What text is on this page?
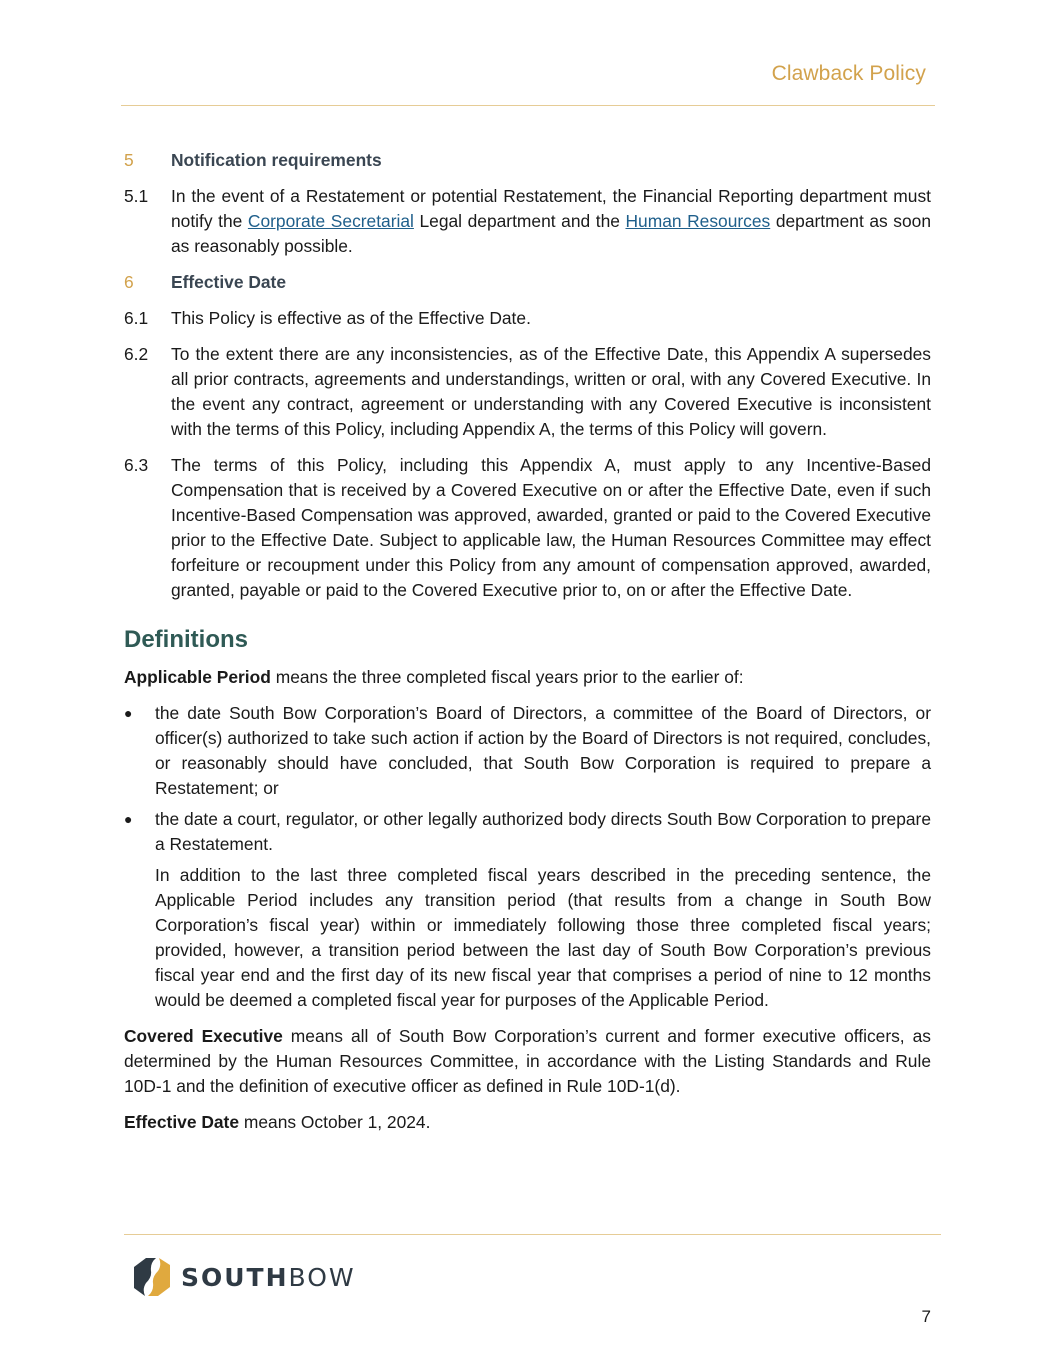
Clawback Policy
5	Notification requirements
5.1	In the event of a Restatement or potential Restatement, the Financial Reporting department must notify the Corporate Secretarial Legal department and the Human Resources department as soon as reasonably possible.
6	Effective Date
6.1	This Policy is effective as of the Effective Date.
6.2	To the extent there are any inconsistencies, as of the Effective Date, this Appendix A supersedes all prior contracts, agreements and understandings, written or oral, with any Covered Executive. In the event any contract, agreement or understanding with any Covered Executive is inconsistent with the terms of this Policy, including Appendix A, the terms of this Policy will govern.
6.3	The terms of this Policy, including this Appendix A, must apply to any Incentive-Based Compensation that is received by a Covered Executive on or after the Effective Date, even if such Incentive-Based Compensation was approved, awarded, granted or paid to the Covered Executive prior to the Effective Date. Subject to applicable law, the Human Resources Committee may effect forfeiture or recoupment under this Policy from any amount of compensation approved, awarded, granted, payable or paid to the Covered Executive prior to, on or after the Effective Date.
Definitions
Applicable Period means the three completed fiscal years prior to the earlier of:
●	the date South Bow Corporation’s Board of Directors, a committee of the Board of Directors, or officer(s) authorized to take such action if action by the Board of Directors is not required, concludes, or reasonably should have concluded, that South Bow Corporation is required to prepare a Restatement; or
●	the date a court, regulator, or other legally authorized body directs South Bow Corporation to prepare a Restatement.
In addition to the last three completed fiscal years described in the preceding sentence, the Applicable Period includes any transition period (that results from a change in South Bow Corporation’s fiscal year) within or immediately following those three completed fiscal years; provided, however, a transition period between the last day of South Bow Corporation’s previous fiscal year end and the first day of its new fiscal year that comprises a period of nine to 12 months would be deemed a completed fiscal year for purposes of the Applicable Period.
Covered Executive means all of South Bow Corporation’s current and former executive officers, as determined by the Human Resources Committee, in accordance with the Listing Standards and Rule 10D-1 and the definition of executive officer as defined in Rule 10D-1(d).
Effective Date means October 1, 2024.
SOUTHBOW
7
